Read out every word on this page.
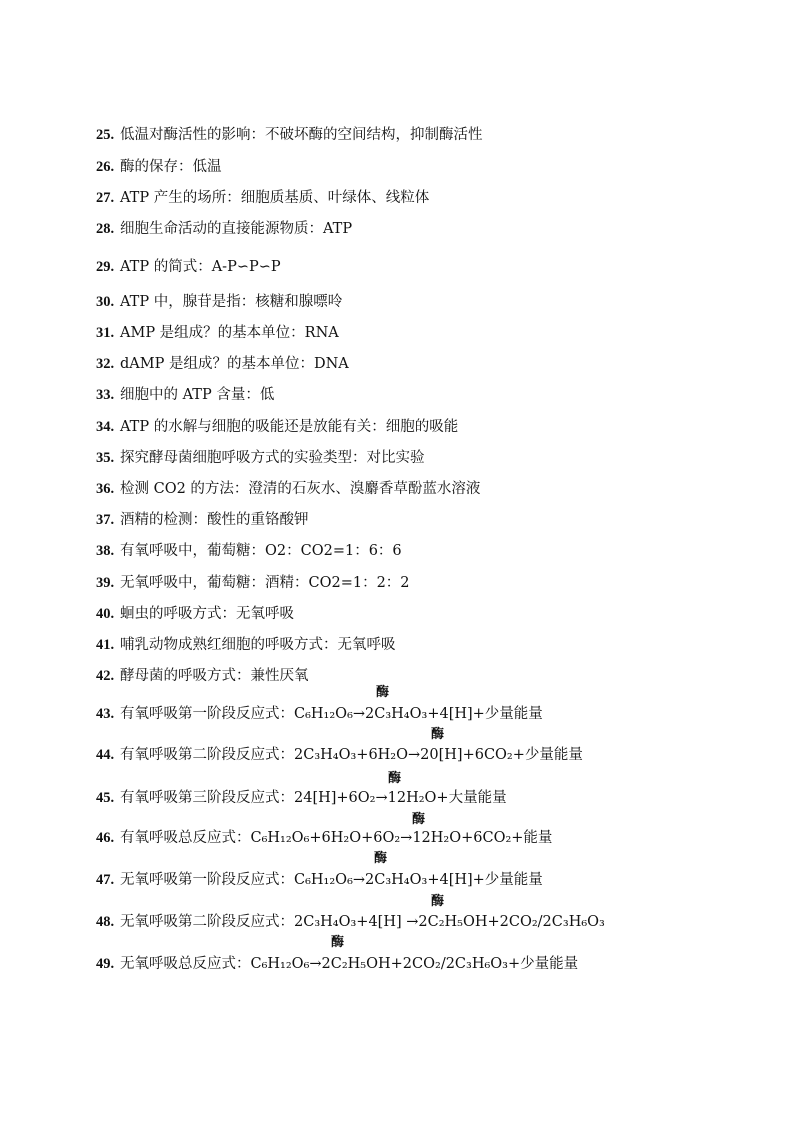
25. 低温对酶活性的影响：不破坏酶的空间结构，抑制酶活性
26. 酶的保存：低温
27. ATP 产生的场所：细胞质基质、叶绿体、线粒体
28. 细胞生命活动的直接能源物质：ATP
29. ATP 的简式：A-P∽P∽P
30. ATP 中，腺苷是指：核糖和腺嘌呤
31. AMP 是组成？的基本单位：RNA
32. dAMP 是组成？的基本单位：DNA
33. 细胞中的 ATP 含量：低
34. ATP 的水解与细胞的吸能还是放能有关：细胞的吸能
35. 探究酵母菌细胞呼吸方式的实验类型：对比实验
36. 检测 CO2 的方法：澄清的石灰水、溴麝香草酚蓝水溶液
37. 酒精的检测：酸性的重铬酸钾
38. 有氧呼吸中，葡萄糖：O2：CO2=1：6：6
39. 无氧呼吸中，葡萄糖：酒精：CO2=1：2：2
40. 蛔虫的呼吸方式：无氧呼吸
41. 哺乳动物成熟红细胞的呼吸方式：无氧呼吸
42. 酵母菌的呼吸方式：兼性厌氧
酶
43. 有氧呼吸第一阶段反应式：C₆H₁₂O₆→2C₃H₄O₃+4[H]+少量能量
酶
44. 有氧呼吸第二阶段反应式：2C₃H₄O₃+6H₂O→20[H]+6CO₂+少量能量
酶
45. 有氧呼吸第三阶段反应式：24[H]+6O₂→12H₂O+大量能量
酶
46. 有氧呼吸总反应式：C₆H₁₂O₆+6H₂O+6O₂→12H₂O+6CO₂+能量
酶
47. 无氧呼吸第一阶段反应式：C₆H₁₂O₆→2C₃H₄O₃+4[H]+少量能量
酶
48. 无氧呼吸第二阶段反应式：2C₃H₄O₃+4[H] →2C₂H₅OH+2CO₂/2C₃H₆O₃
酶
49. 无氧呼吸总反应式：C₆H₁₂O₆→2C₂H₅OH+2CO₂/2C₃H₆O₃+少量能量
